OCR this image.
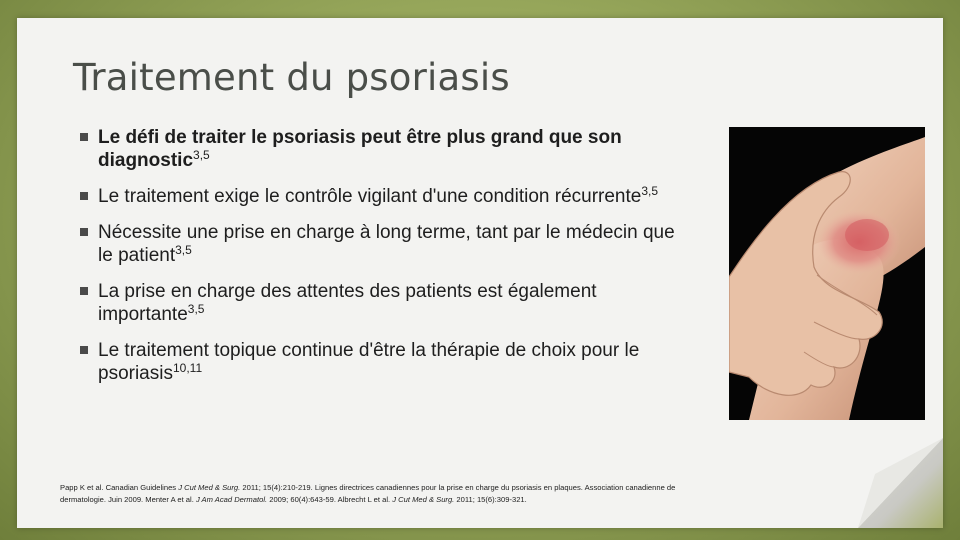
Traitement du psoriasis
Le défi de traiter le psoriasis peut être plus grand que son diagnostic$^{3,5}$
Le traitement exige le contrôle vigilant d'une condition récurrente$^{3,5}$
Nécessite une prise en charge à long terme, tant par le médecin que le patient$^{3,5}$
La prise en charge des attentes des patients est également importante$^{3,5}$
Le traitement topique continue d'être la thérapie de choix pour le psoriasis$^{10,11}$
Papp K et al. Canadian Guidelines J Cut Med & Surg. 2011; 15(4):210-219. Lignes directrices canadiennes pour la prise en charge du psoriasis en plaques. Association canadienne de dermatologie. Juin 2009. Menter A et al. J Am Acad Dermatol. 2009; 60(4):643-59. Albrecht L et al. J Cut Med & Surg. 2011; 15(6):309-321.
